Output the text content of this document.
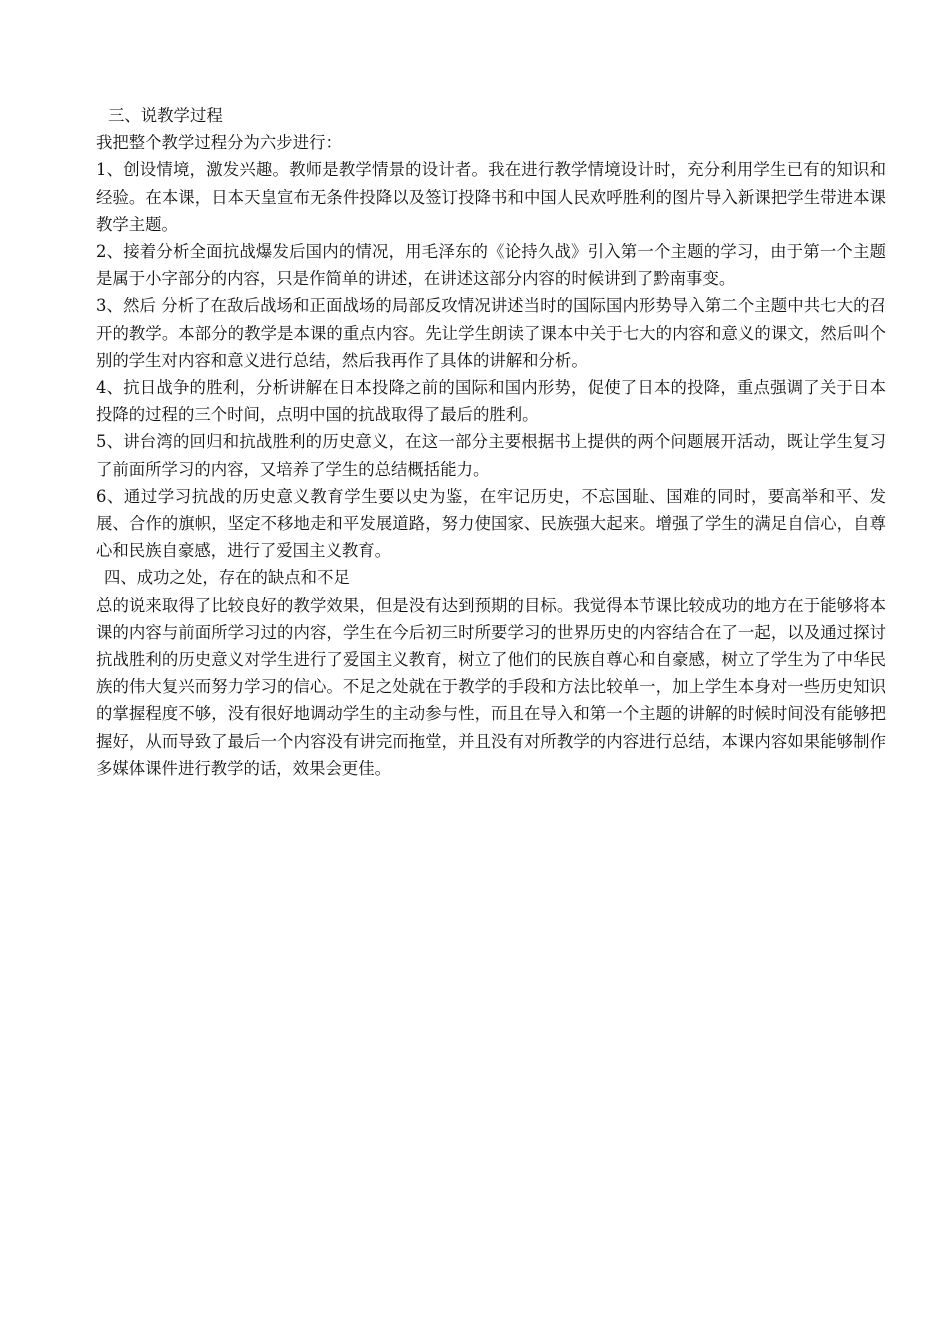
三、说教学过程

我把整个教学过程分为六步进行：

1、创设情境，激发兴趣。教师是教学情景的设计者。我在进行教学情境设计时，充分利用学生已有的知识和经验。在本课，日本天皇宣布无条件投降以及签订投降书和中国人民欢呼胜利的图片导入新课把学生带进本课教学主题。

2、接着分析全面抗战爆发后国内的情况，用毛泽东的《论持久战》引入第一个主题的学习，由于第一个主题是属于小字部分的内容，只是作简单的讲述，在讲述这部分内容的时候讲到了黔南事变。

3、然后 分析了在敌后战场和正面战场的局部反攻情况讲述当时的国际国内形势导入第二个主题中共七大的召开的教学。本部分的教学是本课的重点内容。先让学生朗读了课本中关于七大的内容和意义的课文，然后叫个别的学生对内容和意义进行总结，然后我再作了具体的讲解和分析。

4、抗日战争的胜利，分析讲解在日本投降之前的国际和国内形势，促使了日本的投降，重点强调了关于日本投降的过程的三个时间，点明中国的抗战取得了最后的胜利。

5、讲台湾的回归和抗战胜利的历史意义，在这一部分主要根据书上提供的两个问题展开活动，既让学生复习了前面所学习的内容，又培养了学生的总结概括能力。

6、通过学习抗战的历史意义教育学生要以史为鉴，在牢记历史，不忘国耻、国难的同时，要高举和平、发展、合作的旗帜，坚定不移地走和平发展道路，努力使国家、民族强大起来。增强了学生的满足自信心，自尊心和民族自豪感，进行了爱国主义教育。

四、成功之处，存在的缺点和不足

总的说来取得了比较良好的教学效果，但是没有达到预期的目标。我觉得本节课比较成功的地方在于能够将本课的内容与前面所学习过的内容，学生在今后初三时所要学习的世界历史的内容结合在了一起，以及通过探讨抗战胜利的历史意义对学生进行了爱国主义教育，树立了他们的民族自尊心和自豪感，树立了学生为了中华民族的伟大复兴而努力学习的信心。不足之处就在于教学的手段和方法比较单一，加上学生本身对一些历史知识的掌握程度不够，没有很好地调动学生的主动参与性，而且在导入和第一个主题的讲解的时候时间没有能够把握好，从而导致了最后一个内容没有讲完而拖堂，并且没有对所教学的内容进行总结，本课内容如果能够制作多媒体课件进行教学的话，效果会更佳。
